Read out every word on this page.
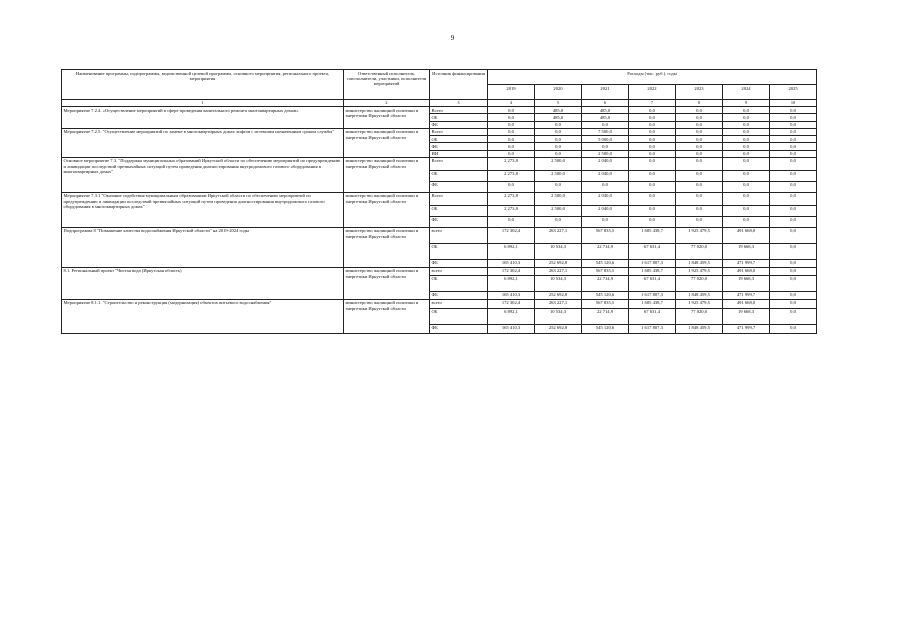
9
Наименование программы, подпрограммы, ведомственной целевой программы, основного мероприятия, регионального проекта, мероприятия	Ответственный исполнитель, соисполнители, участники, исполнители мероприятий	Источник финансирования	Расходы (тыс. руб.), годы						
			2019	2020	2021	2022	2023	2024	2025
1	2	3	4	5	6	7	8	9	10
Мероприятие 7.2.4. «Осуществление мероприятий в сфере проведения капитального ремонта многоквартирных домов»	министерство жилищной политики и энергетики Иркутской области	Всего	0,0	485,0	485,0	0,0	0,0	0,0	0,0
		ОБ	0,0	485,0	485,0	0,0	0,0	0,0	0,0
		ФБ	0,0	0,0	0,0	0,0	0,0	0,0	0,0
Мероприятие 7.2.5. "Осуществление мероприятий по замене в многоквартирных домах лифтов с истекшим назначенным сроком службы"	министерство жилищной политики и энергетики Иркутской области	Всего	0,0	0,0	7 500,0	0,0	0,0	0,0	0,0
		ОБ	0,0	0,0	5 000,0	0,0	0,0	0,0	0,0
		ФБ	0,0	0,0	0,0	0,0	0,0	0,0	0,0
		ИИ	0,0	0,0	2 500,0	0,0	0,0	0,0	0,0
Основное мероприятие 7.3. "Поддержка муниципальных образований Иркутской области по обеспечению мероприятий по предупреждению и ликвидации последствий чрезвычайных ситуаций путем проведения диагностирования внутридомового газового оборудования в многоквартирных домах"	министерство жилищной политики и энергетики Иркутской области	Всего	2 273,8	2 500,0	2 040,0	0,0	0,0	0,0	0,0
		ОБ	2 273,8	2 500,0	2 040,0	0,0	0,0	0,0	0,0
		ФБ	0,0	0,0	0,0	0,0	0,0	0,0	0,0
Мероприятие 7.3.1 "Оказание содействия муниципальным образованиям Иркутской области по обеспечению мероприятий по предупреждению и ликвидации последствий чрезвычайных ситуаций путем проведения диагностирования внутридомового газового оборудования в многоквартирных домах"	министерство жилищной политики и энергетики Иркутской области	Всего	2 273,8	2 500,0	2 040,0	0,0	0,0	0,0	0,0
		ОБ	2 273,8	2 500,0	2 040,0	0,0	0,0	0,0	0,0
		ФБ	0,0	0,0	0,0	0,0	0,0	0,0	0,0
Подпрограмма 8 "Повышение качества водоснабжения Иркутской области" на 2019-2024 годы	министерство жилищной политики и энергетики Иркутской области	всего	172 302,4	263 227,1	567 835,5	1 685 438,7	1 925 479,5	491 668,0	0,0
		ОБ	6 892,1	10 534,3	22 714,9	67 631,4	77 020,0	19 668,3	0,0
		ФБ	165 410,3	252 692,8	545 120,6	1 617 807,3	1 848 459,5	471 999,7	0,0
8.1. Региональный проект "Чистая вода (Иркутская область)	министерство жилищной политики и энергетики Иркутской области	всего	172 302,4	263 227,1	567 835,5	1 685 438,7	1 925 479,5	491 668,0	0,0
		ОБ	6 892,1	10 534,3	22 714,9	67 631,4	77 020,0	19 668,3	0,0
		ФБ	165 410,3	252 692,8	545 120,6	1 617 807,3	1 848 459,5	471 999,7	0,0
Мероприятие 8.1.1. "Строительство и реконструкция (модернизация) объектов питьевого водоснабжения"	министерство жилищной политики и энергетики Иркутской области	всего	172 302,4	263 227,1	567 835,5	1 685 438,7	1 925 479,5	491 668,0	0,0
		ОБ	6 892,1	10 534,3	22 714,9	67 631,4	77 020,0	19 668,3	0,0
		ФБ	165 410,3	252 692,8	545 120,6	1 617 807,3	1 848 459,5	471 999,7	0,0
